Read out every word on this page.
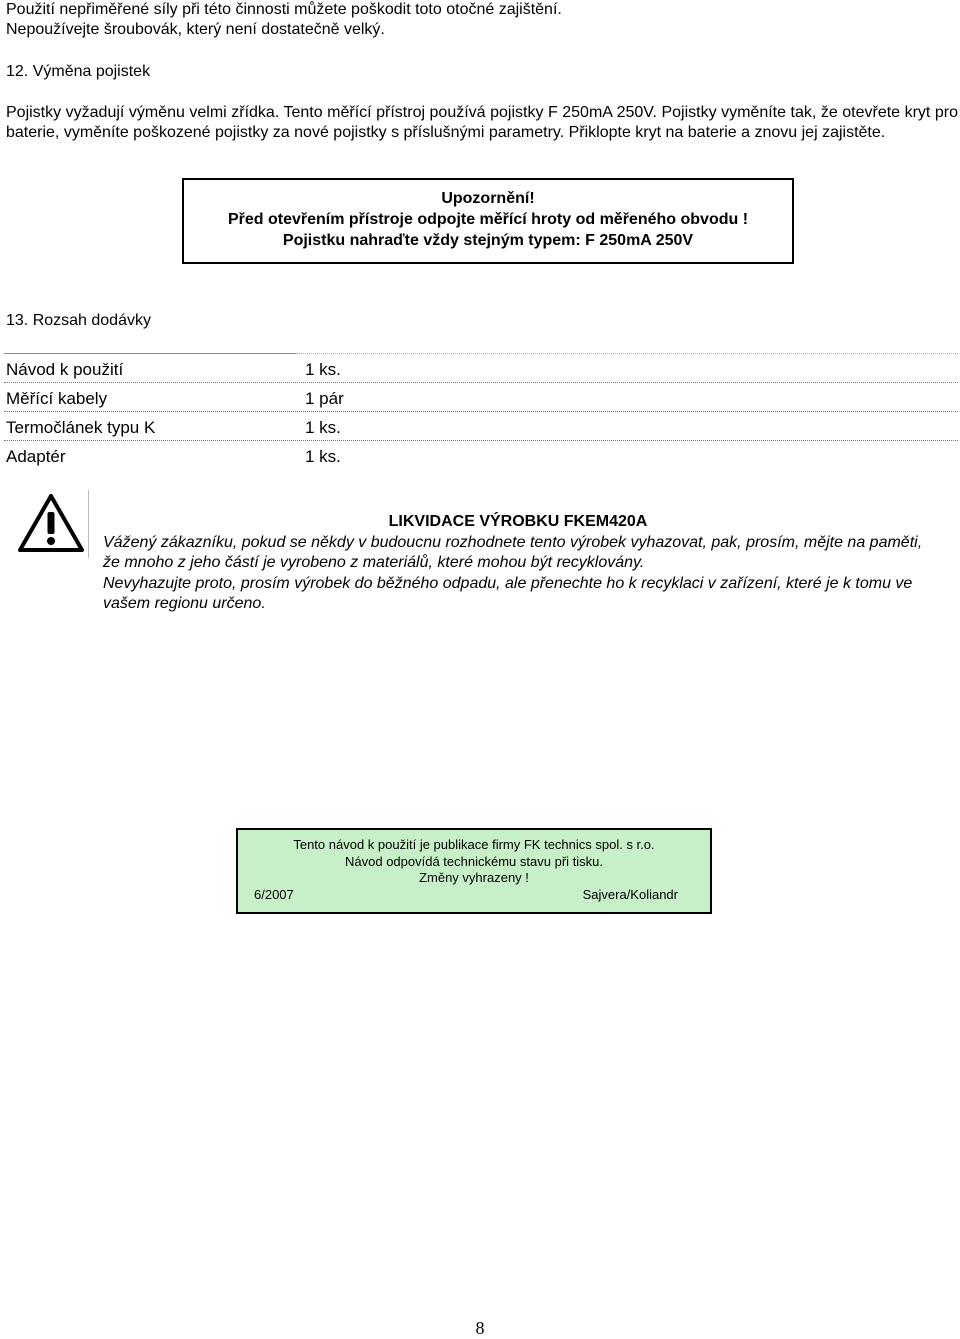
Použití nepřiměřené síly při této činnosti můžete poškodit toto otočné zajištění.
Nepoužívejte šroubovák, který není dostatečně velký.
12. Výměna pojistek
Pojistky vyžadují výměnu velmi zřídka. Tento měřící přístroj používá pojistky F 250mA 250V. Pojistky vyměníte tak, že otevřete kryt pro baterie, vyměníte poškozené pojistky za nové pojistky s příslušnými parametry. Přiklopte kryt na baterie a znovu jej zajistěte.
Upozornění!
Před otevřením přístroje odpojte měřící hroty od měřeného obvodu !
Pojistku nahraďte vždy stejným typem: F 250mA 250V
13. Rozsah dodávky
Návod k použití	1 ks.
Měřící kabely	1 pár
Termočlánek typu K	1 ks.
Adaptér	1 ks.
LIKVIDACE VÝROBKU FKEM420A
Vážený zákazníku, pokud se někdy v budoucnu rozhodnete tento výrobek vyhazovat, pak, prosím, mějte na paměti, že mnoho z jeho částí je vyrobeno z materiálů, které mohou být recyklovány.
Nevyhazujte proto, prosím výrobek do běžného odpadu, ale přenechte ho k recyklaci v zařízení, které je k tomu ve vašem regionu určeno.
Tento návod k použití je publikace firmy FK technics spol. s r.o.
Návod odpovídá technickému stavu při tisku.
Změny vyhrazeny !
6/2007	Sajvera/Koliandr
8
